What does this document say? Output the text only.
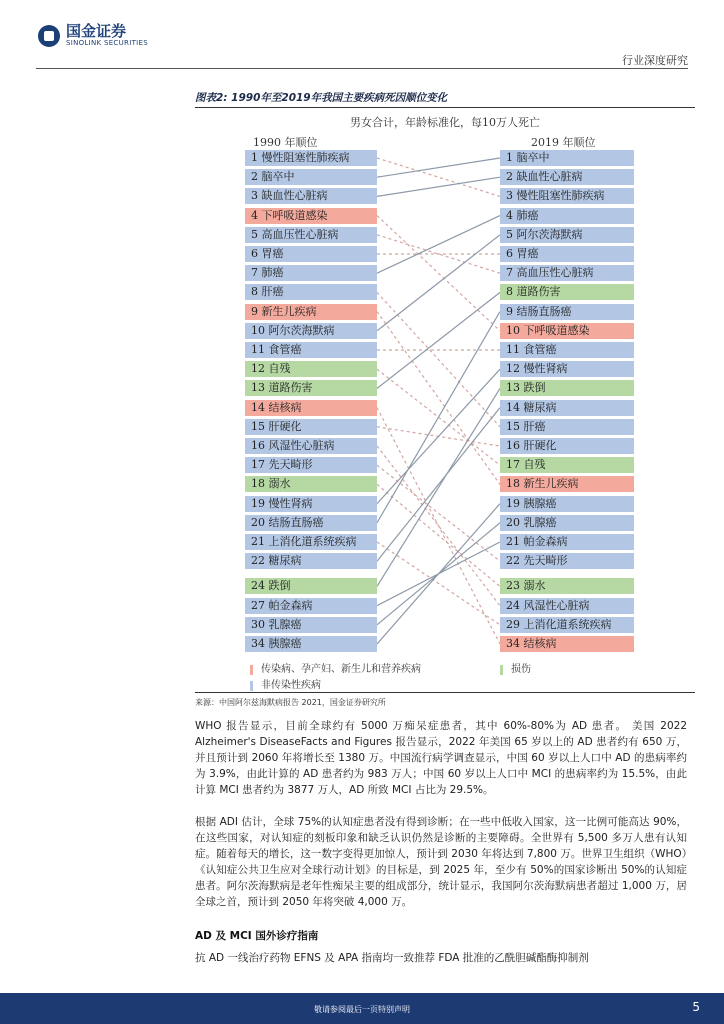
国金证券
SINOLINK SECURITIES
行业深度研究
图表2: 1990年至2019年我国主要疾病死因顺位变化
男女合计，年龄标准化，每10万人死亡
1990 年顺位	2019 年顺位
传染病、孕产妇、新生儿和营养疾病	损伤
非传染性疾病
1 慢性阻塞性肺疾病
2 脑卒中
3 缺血性心脏病
4 下呼吸道感染
5 高血压性心脏病
6 胃癌
7 肺癌
8 肝癌
9 新生儿疾病
10 阿尔茨海默病
11 食管癌
12 自残
13 道路伤害
14 结核病
15 肝硬化
16 风湿性心脏病
17 先天畸形
18 溺水
19 慢性肾病
20 结肠直肠癌
21 上消化道系统疾病
22 糖尿病
24 跌倒
27 帕金森病
30 乳腺癌
34 胰腺癌
1 脑卒中
2 缺血性心脏病
3 慢性阻塞性肺疾病
4 肺癌
5 阿尔茨海默病
6 胃癌
7 高血压性心脏病
8 道路伤害
9 结肠直肠癌
10 下呼吸道感染
11 食管癌
12 慢性肾病
13 跌倒
14 糖尿病
15 肝癌
16 肝硬化
17 自残
18 新生儿疾病
19 胰腺癌
20 乳腺癌
21 帕金森病
22 先天畸形
23 溺水
24 风湿性心脏病
29 上消化道系统疾病
34 结核病
来源：中国阿尔兹海默病报告 2021，国金证券研究所
WHO 报告显示，目前全球约有 5000 万痴呆症患者，其中 60%-80%为 AD 患者。 美国 2022 Alzheimer's DiseaseFacts and Figures 报告显示，2022 年美国 65 岁以上的 AD 患者约有 650 万，并且预计到 2060 年将增长至 1380 万。中国流行病学调查显示，中国 60 岁以上人口中 AD 的患病率约为 3.9%，由此计算的 AD 患者约为 983 万人；中国 60 岁以上人口中 MCI 的患病率约为 15.5%，由此计算 MCI 患者约为 3877 万人，AD 所致 MCI 占比为 29.5%。
根据 ADI 估计，全球 75%的认知症患者没有得到诊断；在一些中低收入国家，这一比例可能高达 90%，在这些国家，对认知症的刻板印象和缺乏认识仍然是诊断的主要障碍。全世界有 5,500 多万人患有认知症。随着每天的增长，这一数字变得更加惊人，预计到 2030 年将达到 7,800 万。世界卫生组织（WHO）《认知症公共卫生应对全球行动计划》的目标是，到 2025 年，至少有 50%的国家诊断出 50%的认知症患者。阿尔茨海默病是老年性痴呆主要的组成部分，统计显示，我国阿尔茨海默病患者超过 1,000 万，居全球之首，预计到 2050 年将突破 4,000 万。
AD 及 MCI 国外诊疗指南
抗 AD 一线治疗药物 EFNS 及 APA 指南均一致推荐 FDA 批准的乙酰胆碱酯酶抑制剂
敬请参阅最后一页特别声明	5
